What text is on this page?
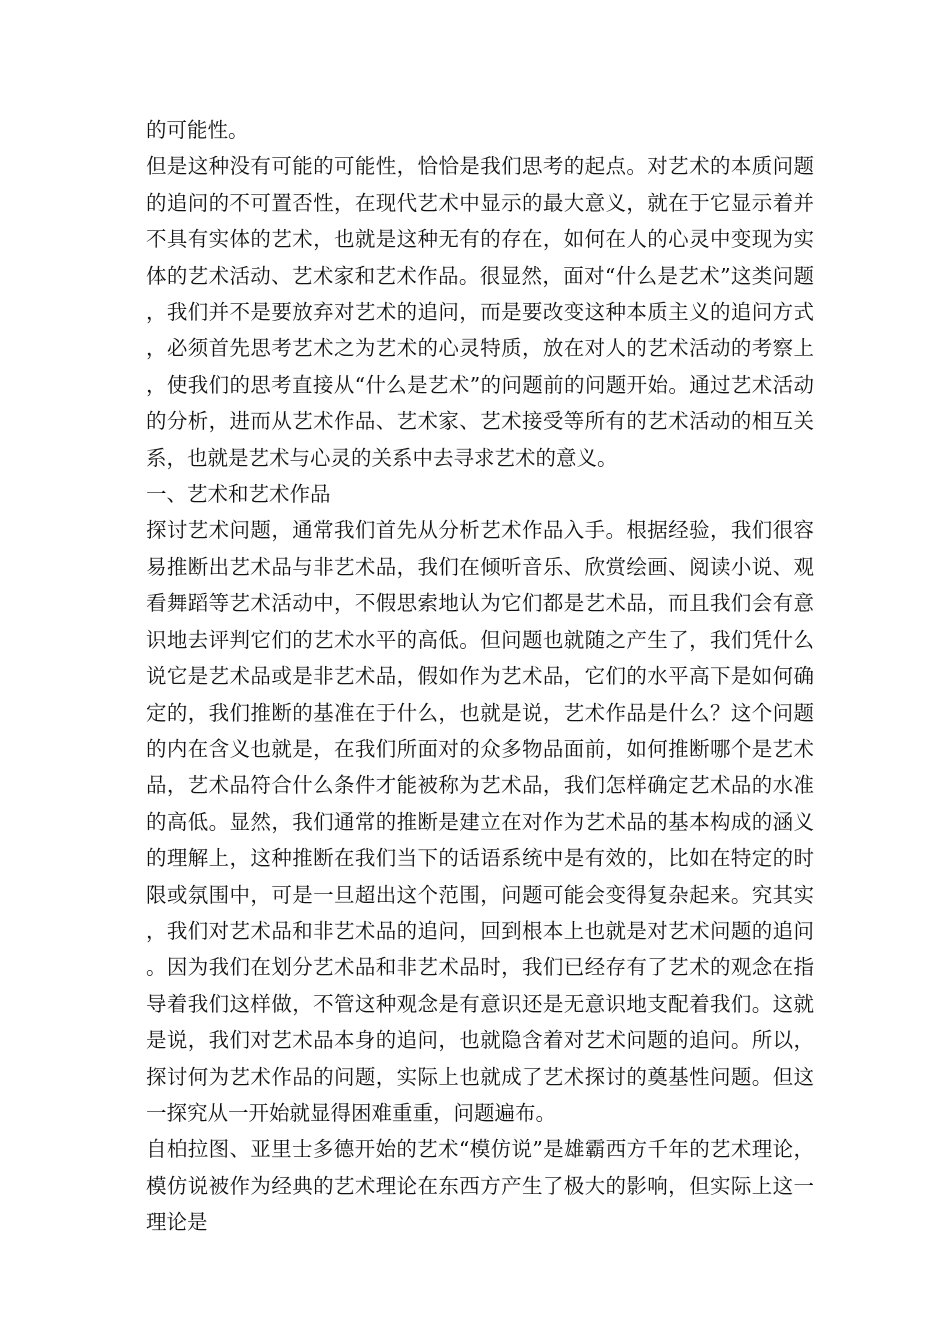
的可能性。

但是这种没有可能的可能性，恰恰是我们思考的起点。对艺术的本质问题的追问的不可置否性，在现代艺术中显示的最大意义，就在于它显示着并不具有实体的艺术，也就是这种无有的存在，如何在人的心灵中变现为实体的艺术活动、艺术家和艺术作品。很显然，面对“什么是艺术”这类问题，我们并不是要放弃对艺术的追问，而是要改变这种本质主义的追问方式，必须首先思考艺术之为艺术的心灵特质，放在对人的艺术活动的考察上，使我们的思考直接从“什么是艺术”的问题前的问题开始。通过艺术活动的分析，进而从艺术作品、艺术家、艺术接受等所有的艺术活动的相互关系，也就是艺术与心灵的关系中去寻求艺术的意义。

一、艺术和艺术作品

探讨艺术问题，通常我们首先从分析艺术作品入手。根据经验，我们很容易推断出艺术品与非艺术品，我们在倾听音乐、欣赏绘画、阅读小说、观看舞蹈等艺术活动中，不假思索地认为它们都是艺术品，而且我们会有意识地去评判它们的艺术水平的高低。但问题也就随之产生了，我们凭什么说它是艺术品或是非艺术品，假如作为艺术品，它们的水平高下是如何确定的，我们推断的基准在于什么，也就是说，艺术作品是什么？这个问题的内在含义也就是，在我们所面对的众多物品面前，如何推断哪个是艺术品，艺术品符合什么条件才能被称为艺术品，我们怎样确定艺术品的水准的高低。显然，我们通常的推断是建立在对作为艺术品的基本构成的涵义的理解上，这种推断在我们当下的话语系统中是有效的，比如在特定的时限或氛围中，可是一旦超出这个范围，问题可能会变得复杂起来。究其实，我们对艺术品和非艺术品的追问，回到根本上也就是对艺术问题的追问。因为我们在划分艺术品和非艺术品时，我们已经存有了艺术的观念在指导着我们这样做，不管这种观念是有意识还是无意识地支配着我们。这就是说，我们对艺术品本身的追问，也就隐含着对艺术问题的追问。所以，探讨何为艺术作品的问题，实际上也就成了艺术探讨的奠基性问题。但这一探究从一开始就显得困难重重，问题遍布。

自柏拉图、亚里士多德开始的艺术“模仿说”是雄霸西方千年的艺术理论，模仿说被作为经典的艺术理论在东西方产生了极大的影响，但实际上这一理论是
